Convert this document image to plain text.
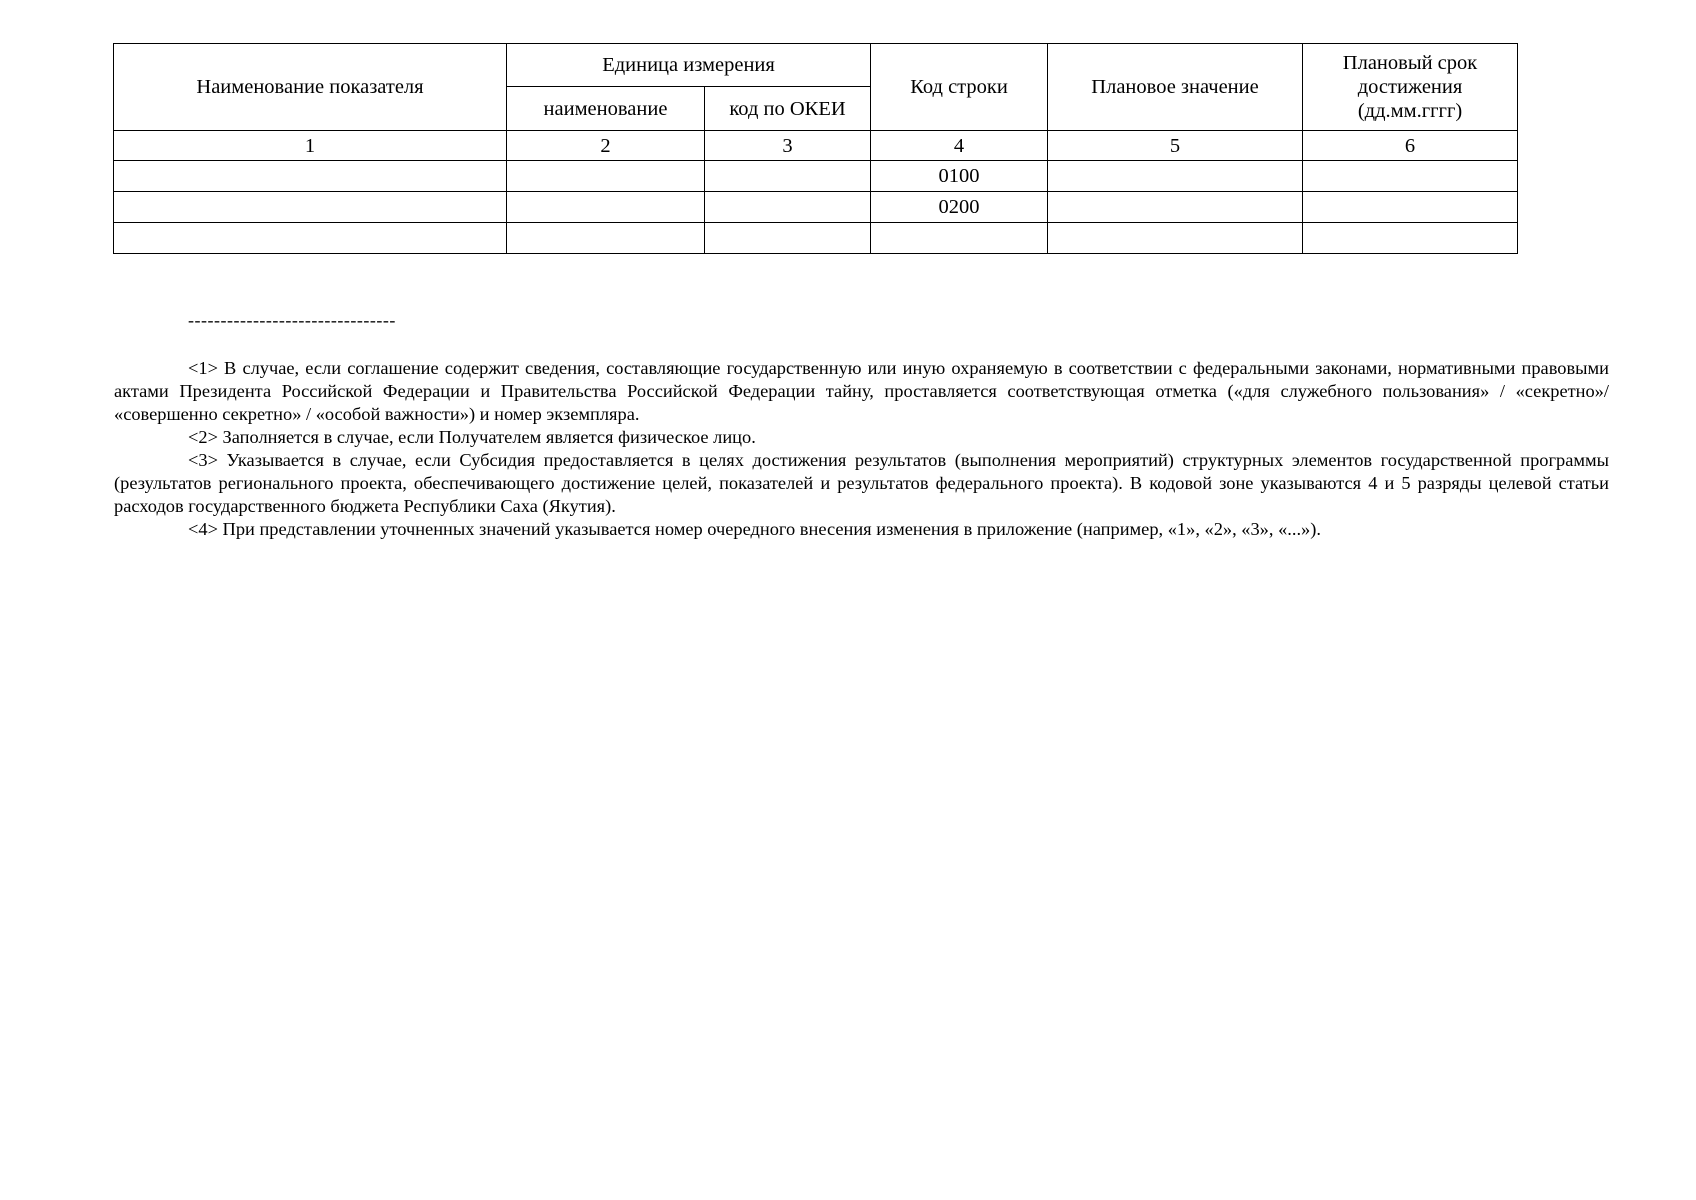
Наименование показателя	Единица измерения		Код строки	Плановое значение	Плановый срок достижения (дд.мм.гггг)
	наименование	код по ОКЕИ			
1	2	3	4	5	6
			0100		
			0200		

--------------------------------

<1> В случае, если соглашение содержит сведения, составляющие государственную или иную охраняемую в соответствии с федеральными законами, нормативными правовыми актами Президента Российской Федерации и Правительства Российской Федерации тайну, проставляется соответствующая отметка («для служебного пользования» / «секретно»/ «совершенно секретно» / «особой важности») и номер экземпляра.

<2> Заполняется в случае, если Получателем является физическое лицо.

<3> Указывается в случае, если Субсидия предоставляется в целях достижения результатов (выполнения мероприятий) структурных элементов государственной программы (результатов регионального проекта, обеспечивающего достижение целей, показателей и результатов федерального проекта). В кодовой зоне указываются 4 и 5 разряды целевой статьи расходов государственного бюджета Республики Саха (Якутия).

<4> При представлении уточненных значений указывается номер очередного внесения изменения в приложение (например, «1», «2», «3», «...»).
